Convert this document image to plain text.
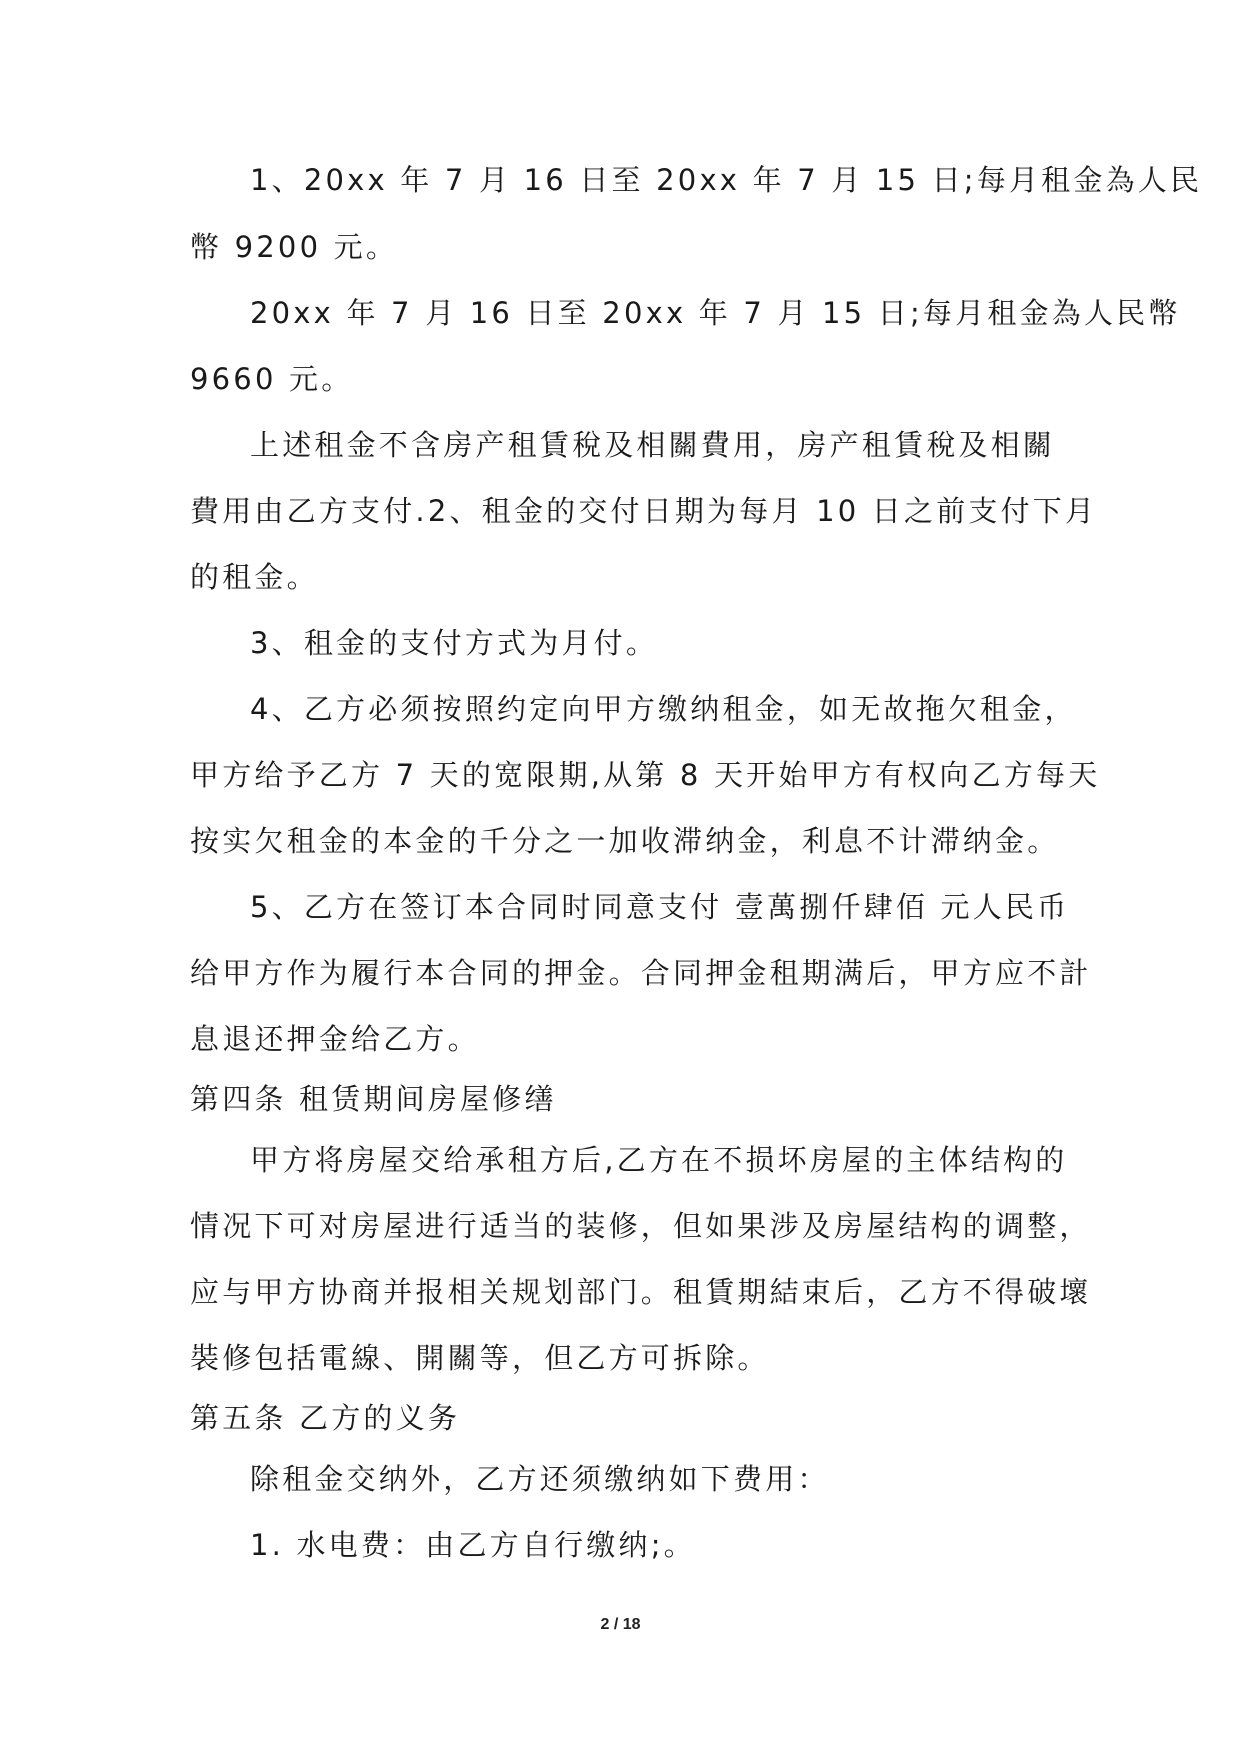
1、20xx 年 7 月 16 日至 20xx 年 7 月 15 日;每月租金為人民
幣 9200 元。
20xx 年 7 月 16 日至 20xx 年 7 月 15 日;每月租金為人民幣
9660 元。
上述租金不含房产租賃稅及相關費用，房产租賃稅及相關
費用由乙方支付.2、租金的交付日期为每月 10 日之前支付下月
的租金。
3、租金的支付方式为月付。
4、乙方必须按照约定向甲方缴纳租金，如无故拖欠租金，
甲方给予乙方 7 天的宽限期,从第 8 天开始甲方有权向乙方每天
按实欠租金的本金的千分之一加收滞纳金，利息不计滞纳金。
5、乙方在签订本合同时同意支付 壹萬捌仟肆佰 元人民币
给甲方作为履行本合同的押金。合同押金租期满后，甲方应不計
息退还押金给乙方。
第四条 租赁期间房屋修缮
甲方将房屋交给承租方后,乙方在不损坏房屋的主体结构的
情况下可对房屋进行适当的装修，但如果涉及房屋结构的调整，
应与甲方协商并报相关规划部门。租賃期結束后，乙方不得破壞
裝修包括電線、開關等，但乙方可拆除。
第五条 乙方的义务
除租金交纳外，乙方还须缴纳如下费用：
1. 水电费：由乙方自行缴纳;。
2 / 18
